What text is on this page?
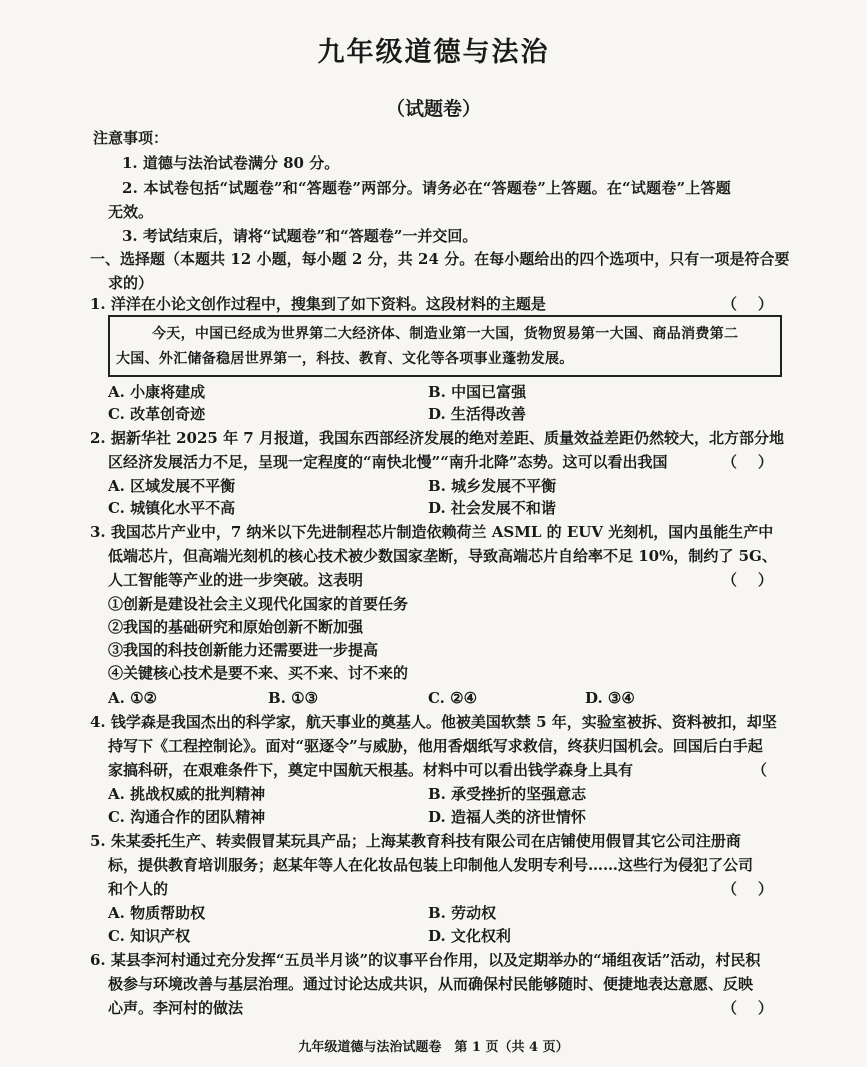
九年级道德与法治
（试题卷）
注意事项：
1. 道德与法治试卷满分 80 分。
2. 本试卷包括“试题卷”和“答题卷”两部分。请务必在“答题卷”上答题。在“试题卷”上答题
无效。
3. 考试结束后，请将“试题卷”和“答题卷”一并交回。
一、选择题（本题共 12 小题，每小题 2 分，共 24 分。在每小题给出的四个选项中，只有一项是符合要
求的）
1. 洋洋在小论文创作过程中，搜集到了如下资料。这段材料的主题是	（    ）
今天，中国已经成为世界第二大经济体、制造业第一大国，货物贸易第一大国、商品消费第二
大国、外汇储备稳居世界第一，科技、教育、文化等各项事业蓬勃发展。
A. 小康将建成	B. 中国已富强
C. 改革创奇迹	D. 生活得改善
2. 据新华社 2025 年 7 月报道，我国东西部经济发展的绝对差距、质量效益差距仍然较大，北方部分地
区经济发展活力不足，呈现一定程度的“南快北慢”“南升北降”态势。这可以看出我国	（    ）
A. 区域发展不平衡	B. 城乡发展不平衡
C. 城镇化水平不高	D. 社会发展不和谐
3. 我国芯片产业中，7 纳米以下先进制程芯片制造依赖荷兰 ASML 的 EUV 光刻机，国内虽能生产中
低端芯片，但高端光刻机的核心技术被少数国家垄断，导致高端芯片自给率不足 10%，制约了 5G、
人工智能等产业的进一步突破。这表明	（    ）
①创新是建设社会主义现代化国家的首要任务
②我国的基础研究和原始创新不断加强
③我国的科技创新能力还需要进一步提高
④关键核心技术是要不来、买不来、讨不来的
A. ①②	B. ①③	C. ②④	D. ③④
4. 钱学森是我国杰出的科学家，航天事业的奠基人。他被美国软禁 5 年，实验室被拆、资料被扣，却坚
持写下《工程控制论》。面对“驱逐令”与威胁，他用香烟纸写求救信，终获归国机会。回国后白手起
家搞科研，在艰难条件下，奠定中国航天根基。材料中可以看出钱学森身上具有	（
A. 挑战权威的批判精神	B. 承受挫折的坚强意志
C. 沟通合作的团队精神	D. 造福人类的济世情怀
5. 朱某委托生产、转卖假冒某玩具产品；上海某教育科技有限公司在店铺使用假冒其它公司注册商
标，提供教育培训服务；赵某年等人在化妆品包装上印制他人发明专利号……这些行为侵犯了公司
和个人的	（    ）
A. 物质帮助权	B. 劳动权
C. 知识产权	D. 文化权利
6. 某县李河村通过充分发挥“五员半月谈”的议事平台作用，以及定期举办的“埇组夜话”活动，村民积
极参与环境改善与基层治理。通过讨论达成共识，从而确保村民能够随时、便捷地表达意愿、反映
心声。李河村的做法	（    ）
九年级道德与法治试题卷　第 1 页（共 4 页）
